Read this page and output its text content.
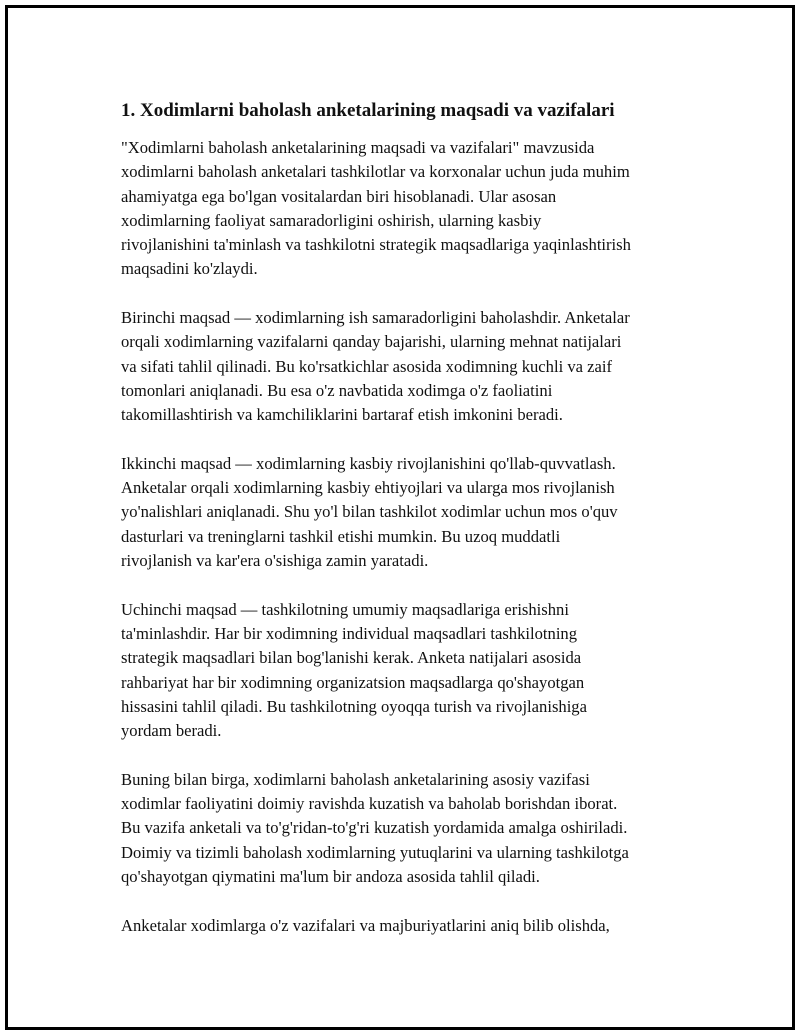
1. Xodimlarni baholash anketalarining maqsadi va vazifalari

"Xodimlarni baholash anketalarining maqsadi va vazifalari" mavzusida
xodimlarni baholash anketalari tashkilotlar va korxonalar uchun juda muhim
ahamiyatga ega bo'lgan vositalardan biri hisoblanadi. Ular asosan
xodimlarning faoliyat samaradorligini oshirish, ularning kasbiy
rivojlanishini ta'minlash va tashkilotni strategik maqsadlariga yaqinlashtirish
maqsadini ko'zlaydi.

Birinchi maqsad — xodimlarning ish samaradorligini baholashdir. Anketalar
orqali xodimlarning vazifalarni qanday bajarishi, ularning mehnat natijalari
va sifati tahlil qilinadi. Bu ko'rsatkichlar asosida xodimning kuchli va zaif
tomonlari aniqlanadi. Bu esa o'z navbatida xodimga o'z faoliatini
takomillashtirish va kamchiliklarini bartaraf etish imkonini beradi.

Ikkinchi maqsad — xodimlarning kasbiy rivojlanishini qo'llab-quvvatlash.
Anketalar orqali xodimlarning kasbiy ehtiyojlari va ularga mos rivojlanish
yo'nalishlari aniqlanadi. Shu yo'l bilan tashkilot xodimlar uchun mos o'quv
dasturlari va treninglarni tashkil etishi mumkin. Bu uzoq muddatli
rivojlanish va kar'era o'sishiga zamin yaratadi.

Uchinchi maqsad — tashkilotning umumiy maqsadlariga erishishni
ta'minlashdir. Har bir xodimning individual maqsadlari tashkilotning
strategik maqsadlari bilan bog'lanishi kerak. Anketa natijalari asosida
rahbariyat har bir xodimning organizatsion maqsadlarga qo'shayotgan
hissasini tahlil qiladi. Bu tashkilotning oyoqqa turish va rivojlanishiga
yordam beradi.

Buning bilan birga, xodimlarni baholash anketalarining asosiy vazifasi
xodimlar faoliyatini doimiy ravishda kuzatish va baholab borishdan iborat.
Bu vazifa anketali va to'g'ridan-to'g'ri kuzatish yordamida amalga oshiriladi.
Doimiy va tizimli baholash xodimlarning yutuqlarini va ularning tashkilotga
qo'shayotgan qiymatini ma'lum bir andoza asosida tahlil qiladi.

Anketalar xodimlarga o'z vazifalari va majburiyatlarini aniq bilib olishda,
